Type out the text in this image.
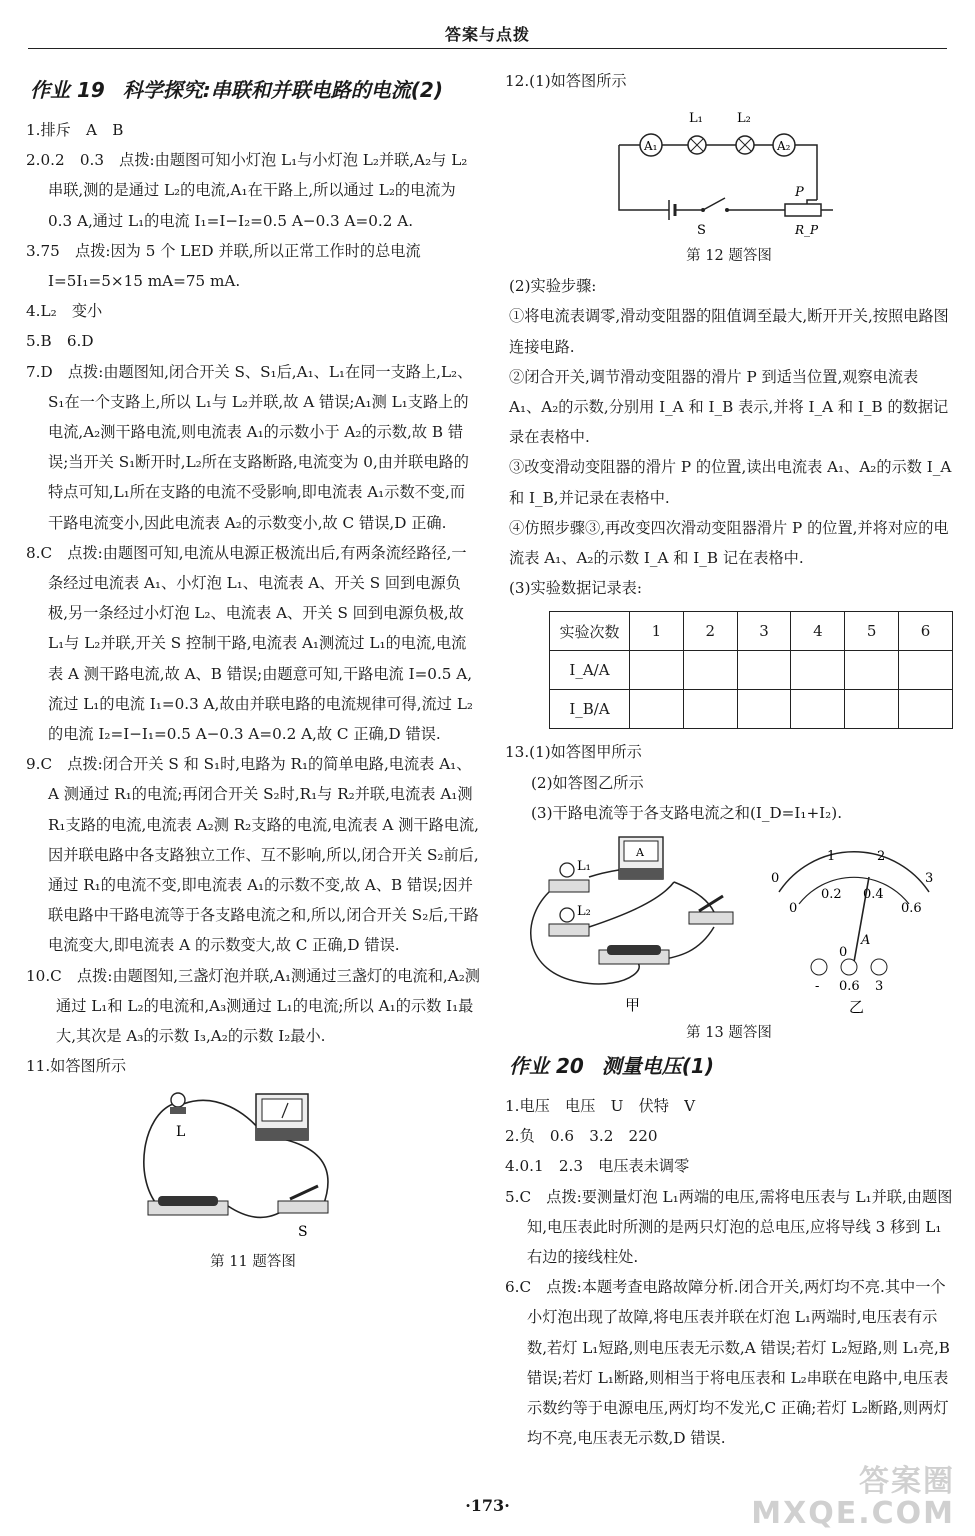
答案与点拨
作业 19 科学探究:串联和并联电路的电流(2)

1.排斥　A　B

2.0.2　0.3　点拨:由题图可知小灯泡 L₁与小灯泡 L₂并联,A₂与 L₂串联,测的是通过 L₂的电流,A₁在干路上,所以通过 L₂的电流为 0.3 A,通过 L₁的电流 I₁=I−I₂=0.5 A−0.3 A=0.2 A.

3.75　点拨:因为 5 个 LED 并联,所以正常工作时的总电流 I=5I₁=5×15 mA=75 mA.

4.L₂　变小

5.B　6.D

7.D　点拨:由题图知,闭合开关 S、S₁后,A₁、L₁在同一支路上,L₂、S₁在一个支路上,所以 L₁与 L₂并联,故 A 错误;A₁测 L₁支路上的电流,A₂测干路电流,则电流表 A₁的示数小于 A₂的示数,故 B 错误;当开关 S₁断开时,L₂所在支路断路,电流变为 0,由并联电路的特点可知,L₁所在支路的电流不受影响,即电流表 A₁示数不变,而干路电流变小,因此电流表 A₂的示数变小,故 C 错误,D 正确.

8.C　点拨:由题图可知,电流从电源正极流出后,有两条流经路径,一条经过电流表 A₁、小灯泡 L₁、电流表 A、开关 S 回到电源负极,另一条经过小灯泡 L₂、电流表 A、开关 S 回到电源负极,故 L₁与 L₂并联,开关 S 控制干路,电流表 A₁测流过 L₁的电流,电流表 A 测干路电流,故 A、B 错误;由题意可知,干路电流 I=0.5 A,流过 L₁的电流 I₁=0.3 A,故由并联电路的电流规律可得,流过 L₂的电流 I₂=I−I₁=0.5 A−0.3 A=0.2 A,故 C 正确,D 错误.

9.C　点拨:闭合开关 S 和 S₁时,电路为 R₁的简单电路,电流表 A₁、A 测通过 R₁的电流;再闭合开关 S₂时,R₁与 R₂并联,电流表 A₁测 R₁支路的电流,电流表 A₂测 R₂支路的电流,电流表 A 测干路电流,因并联电路中各支路独立工作、互不影响,所以,闭合开关 S₂前后,通过 R₁的电流不变,即电流表 A₁的示数不变,故 A、B 错误;因并联电路中干路电流等于各支路电流之和,所以,闭合开关 S₂后,干路电流变大,即电流表 A 的示数变大,故 C 正确,D 错误.

10.C　点拨:由题图知,三盏灯泡并联,A₁测通过三盏灯的电流和,A₂测通过 L₁和 L₂的电流和,A₃测通过 L₁的电流;所以 A₁的示数 I₁最大,其次是 A₃的示数 I₃,A₂的示数 I₂最小.

11.如答图所示

L
S

第 11 题答图

12.(1)如答图所示

A₁
L₁	L₂
A₂
S
P
R_P

第 12 题答图

(2)实验步骤:

①将电流表调零,滑动变阻器的阻值调至最大,断开开关,按照电路图连接电路.

②闭合开关,调节滑动变阻器的滑片 P 到适当位置,观察电流表 A₁、A₂的示数,分别用 I_A 和 I_B 表示,并将 I_A 和 I_B 的数据记录在表格中.

③改变滑动变阻器的滑片 P 的位置,读出电流表 A₁、A₂的示数 I_A 和 I_B,并记录在表格中.

④仿照步骤③,再改变四次滑动变阻器滑片 P 的位置,并将对应的电流表 A₁、A₂的示数 I_A 和 I_B 记在表格中.

(3)实验数据记录表:

实验次数	1	2	3	4	5	6
I_A/A						
I_B/A						

13.(1)如答图甲所示

(2)如答图乙所示

(3)干路电流等于各支路电流之和(I_D=I₁+I₂).

L₁
L₂
A
甲
0
1	2
3
0
0.2 0.4
0.6
A
0
- 0.6 3
乙

第 13 题答图

作业 20 测量电压(1)

1.电压　电压　U　伏特　V

2.负　0.6　3.2　220

4.0.1　2.3　电压表未调零

5.C　点拨:要测量灯泡 L₁两端的电压,需将电压表与 L₁并联,由题图知,电压表此时所测的是两只灯泡的总电压,应将导线 3 移到 L₁右边的接线柱处.

6.C　点拨:本题考查电路故障分析.闭合开关,两灯均不亮.其中一个小灯泡出现了故障,将电压表并联在灯泡 L₁两端时,电压表有示数,若灯 L₁短路,则电压表无示数,A 错误;若灯 L₂短路,则 L₁亮,B 错误;若灯 L₁断路,则相当于将电压表和 L₂串联在电路中,电压表示数约等于电源电压,两灯均不发光,C 正确;若灯 L₂断路,则两灯均不亮,电压表无示数,D 错误.

·173·
答案圈
MXQE.COM
